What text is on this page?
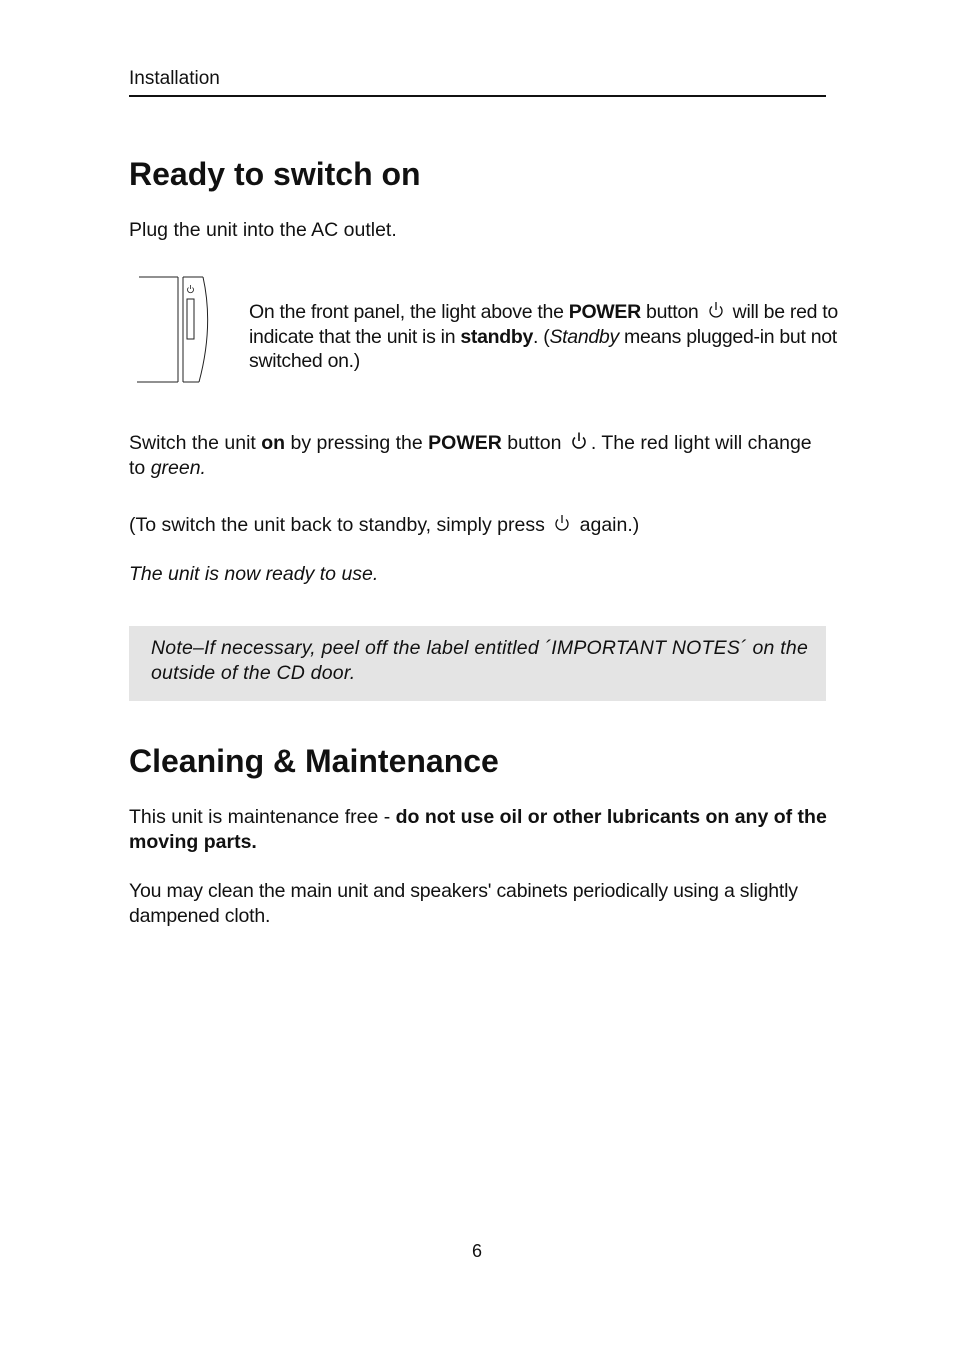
Installation
Ready to switch on

Plug the unit into the AC outlet.

On the front panel, the light above the POWER button
will be red to indicate that the unit is in standby. (Standby means plugged-in but not switched on.)

Switch the unit on by pressing the POWER button
. The red light will change to green.

(To switch the unit back to standby, simply press
again.)

The unit is now ready to use.

Note–If necessary, peel off the label entitled ´IMPORTANT NOTES´ on the outside of the CD door.

Cleaning & Maintenance

This unit is maintenance free - do not use oil or other lubricants on any of the moving parts.

You may clean the main unit and speakers' cabinets periodically using a slightly dampened cloth.

6
